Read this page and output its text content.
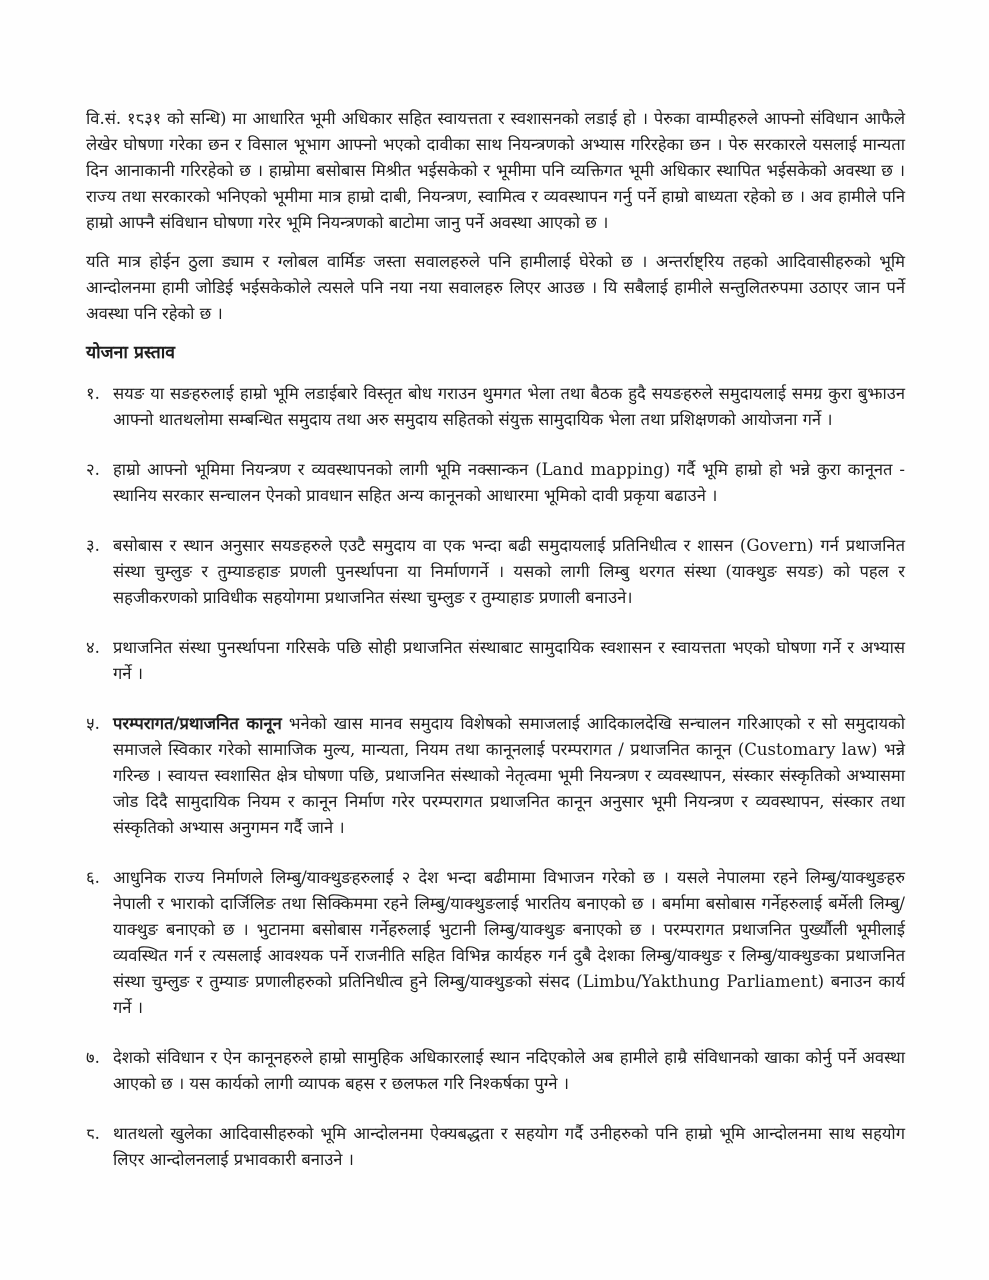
वि.सं. १८३१ को सन्धि) मा आधारित भूमी अधिकार सहित स्वायत्तता र स्वशासनको लडाई हो । पेरुका वाम्पीहरुले आफ्नो संविधान आफैले लेखेर घोषणा गरेका छन र विसाल भूभाग आफ्नो भएको दावीका साथ नियन्त्रणको अभ्यास गरिरहेका छन । पेरु सरकारले यसलाई मान्यता दिन आनाकानी गरिरहेको छ । हाम्रोमा बसोबास मिश्रीत भईसकेको र भूमीमा पनि व्यक्तिगत भूमी अधिकार स्थापित भईसकेको अवस्था छ । राज्य तथा सरकारको भनिएको भूमीमा मात्र हाम्रो दाबी, नियन्त्रण, स्वामित्व र व्यवस्थापन गर्नु पर्ने हाम्रो बाध्यता रहेको छ । अव हामीले पनि हाम्रो आफ्नै संविधान घोषणा गरेर भूमि नियन्त्रणको बाटोमा जानु पर्ने अवस्था आएको छ ।

यति मात्र होईन ठुला ड्याम र ग्लोबल वार्मिङ जस्ता सवालहरुले पनि हामीलाई घेरेको छ । अन्तर्राष्ट्रिय तहको आदिवासीहरुको भूमि आन्दोलनमा हामी जोडिई भईसकेकोले त्यसले पनि नया नया सवालहरु लिएर आउछ । यि सबैलाई हामीले सन्तुलितरुपमा उठाएर जान पर्ने अवस्था पनि रहेको छ ।

योजना प्रस्ताव
१. सयङ या सङहरुलाई हाम्रो भूमि लडाईबारे विस्तृत बोध गराउन थुमगत भेला तथा बैठक हुदै सयङहरुले समुदायलाई समग्र कुरा बुझाउन आफ्नो थातथलोमा सम्बन्धित समुदाय तथा अरु समुदाय सहितको संयुक्त सामुदायिक भेला तथा प्रशिक्षणको आयोजना गर्ने ।
२. हाम्रो आफ्नो भूमिमा नियन्त्रण र व्यवस्थापनको लागी भूमि नक्सान्कन (Land mapping) गर्दै भूमि हाम्रो हो भन्ने कुरा कानूनत - स्थानिय सरकार सन्चालन ऐनको प्रावधान सहित अन्य कानूनको आधारमा भूमिको दावी प्रकृया बढाउने ।
३. बसोबास र स्थान अनुसार सयङहरुले एउटै समुदाय वा एक भन्दा बढी समुदायलाई प्रतिनिधीत्व र शासन (Govern) गर्न प्रथाजनित संस्था चुम्लुङ र तुम्याङहाङ प्रणली पुनर्स्थापना या निर्माणगर्ने । यसको लागी लिम्बु थरगत संस्था (याक्थुङ सयङ) को पहल र सहजीकरणको प्राविधीक सहयोगमा प्रथाजनित संस्था चुम्लुङ र तुम्याहाङ प्रणाली बनाउने।
४. प्रथाजनित संस्था पुनर्स्थापना गरिसके पछि सोही प्रथाजनित संस्थाबाट सामुदायिक स्वशासन र स्वायत्तता भएको घोषणा गर्ने र अभ्यास गर्ने ।
५. परम्परागत/प्रथाजनित कानून भनेको खास मानव समुदाय विशेषको समाजलाई आदिकालदेखि सन्चालन गरिआएको र सो समुदायको समाजले स्विकार गरेको सामाजिक मुल्य, मान्यता, नियम तथा कानूनलाई परम्परागत / प्रथाजनित कानून (Customary law) भन्ने गरिन्छ । स्वायत्त स्वशासित क्षेत्र घोषणा पछि, प्रथाजनित संस्थाको नेतृत्वमा भूमी नियन्त्रण र व्यवस्थापन, संस्कार संस्कृतिको अभ्यासमा जोड दिदै सामुदायिक नियम र कानून निर्माण गरेर परम्परागत प्रथाजनित कानून अनुसार भूमी नियन्त्रण र व्यवस्थापन, संस्कार तथा संस्कृतिको अभ्यास अनुगमन गर्दै जाने ।
६. आधुनिक राज्य निर्माणले लिम्बु/याक्थुङहरुलाई २ देश भन्दा बढीमामा विभाजन गरेको छ । यसले नेपालमा रहने लिम्बु/याक्थुङहरु नेपाली र भाराको दार्जिलिङ तथा सिक्किममा रहने लिम्बु/याक्थुङलाई भारतिय बनाएको छ । बर्मामा बसोबास गर्नेहरुलाई बर्मेली लिम्बु/याक्थुङ बनाएको छ । भुटानमा बसोबास गर्नेहरुलाई भुटानी लिम्बु/याक्थुङ बनाएको छ । परम्परागत प्रथाजनित पुर्ख्यौली भूमीलाई व्यवस्थित गर्न र त्यसलाई आवश्यक पर्ने राजनीति सहित विभिन्न कार्यहरु गर्न दुबै देशका लिम्बु/याक्थुङ र लिम्बु/याक्थुङका प्रथाजनित संस्था चुम्लुङ र तुम्याङ प्रणालीहरुको प्रतिनिधीत्व हुने लिम्बु/याक्थुङको संसद (Limbu/Yakthung Parliament) बनाउन कार्य गर्ने ।
७. देशको संविधान र ऐन कानूनहरुले हाम्रो सामुहिक अधिकारलाई स्थान नदिएकोले अब हामीले हाम्रै संविधानको खाका कोर्नु पर्ने अवस्था आएको छ । यस कार्यको लागी व्यापक बहस र छलफल गरि निश्कर्षका पुग्ने ।
८. थातथलो खुलेका आदिवासीहरुको भूमि आन्दोलनमा ऐक्यबद्धता र सहयोग गर्दै उनीहरुको पनि हाम्रो भूमि आन्दोलनमा साथ सहयोग लिएर आन्दोलनलाई प्रभावकारी बनाउने ।
